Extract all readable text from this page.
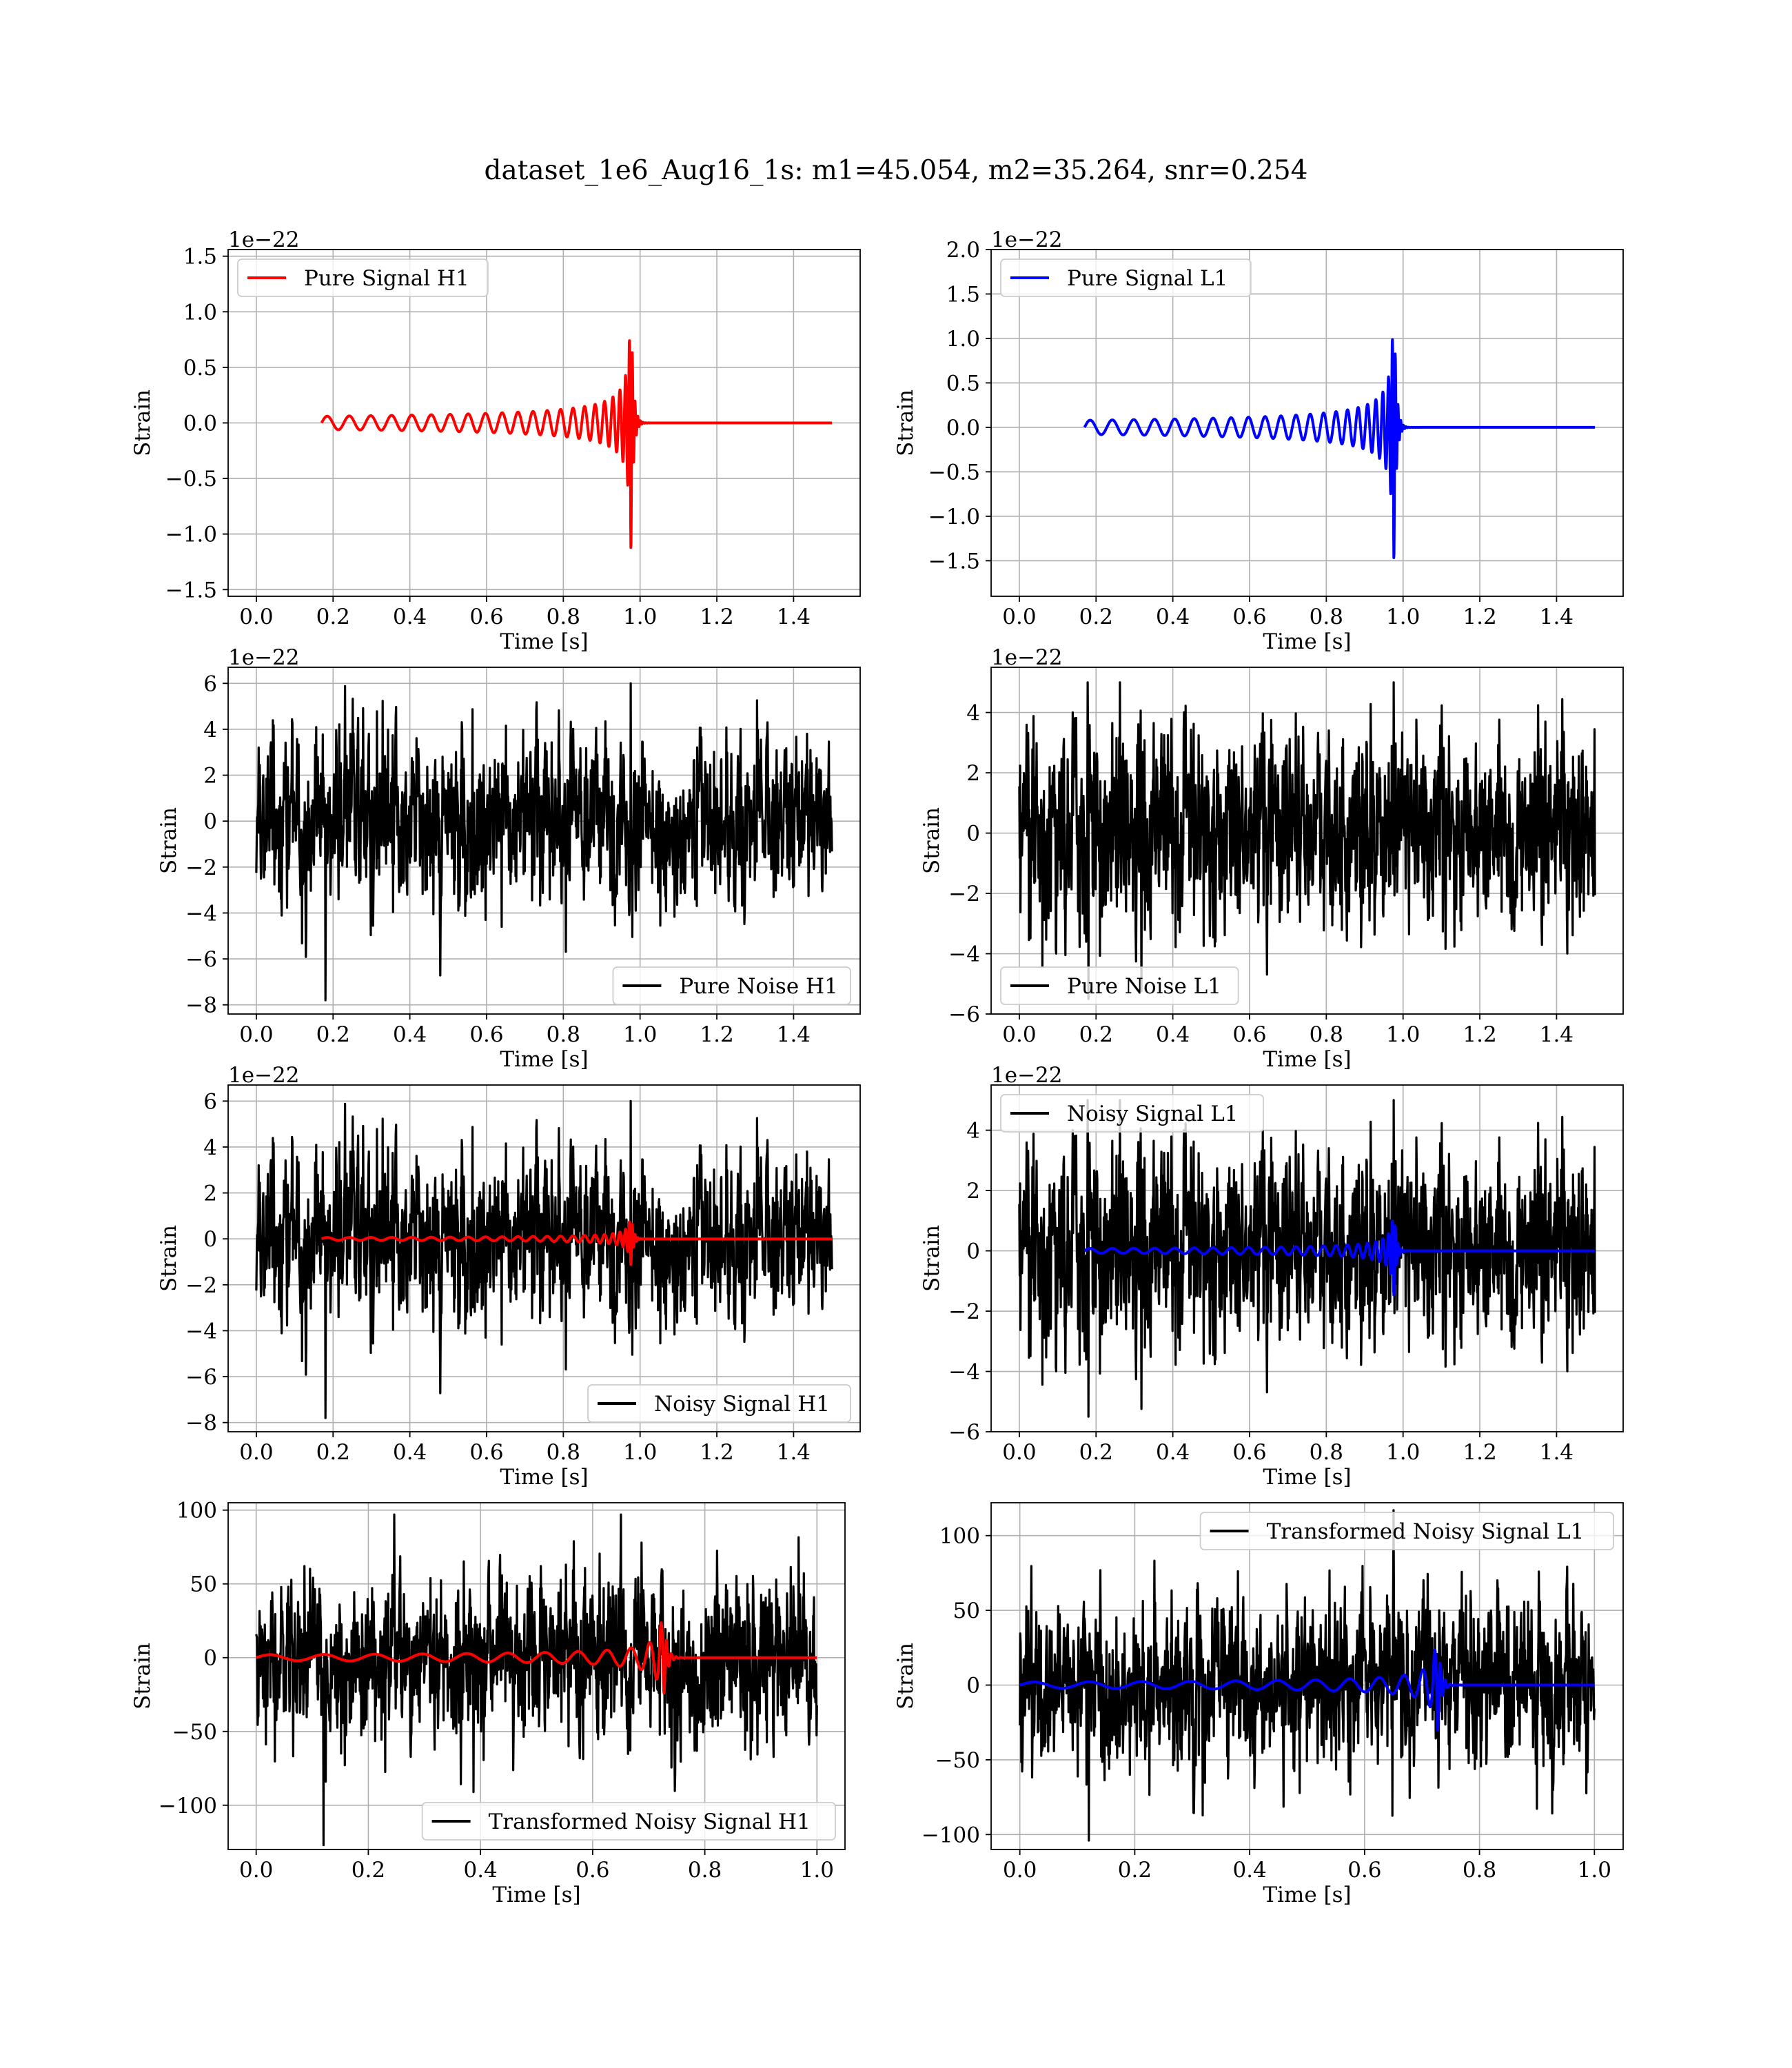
dataset_1e6_Aug16_1s: m1=45.054, m2=35.264, snr=0.254
0.0 0.2 0.4 0.6 0.8 1.0 1.2 1.4
−1.5
−1.0
−0.5
0.0
0.5
1.0
1.5
Time [s]
Strain
1e−22
Pure Signal H1
0.0 0.2 0.4 0.6 0.8 1.0 1.2 1.4
−1.5
−1.0
−0.5
0.0
0.5
1.0
1.5
2.0
Time [s]
Strain
1e−22
Pure Signal L1
0.0 0.2 0.4 0.6 0.8 1.0 1.2 1.4
−8
−6
−4
−2
0
2
4
6
Time [s]
Strain
1e−22
Pure Noise H1
0.0 0.2 0.4 0.6 0.8 1.0 1.2 1.4
−6
−4
−2
0
2
4
Time [s]
Strain
1e−22
Pure Noise L1
0.0 0.2 0.4 0.6 0.8 1.0 1.2 1.4
−8
−6
−4
−2
0
2
4
6
Time [s]
Strain
1e−22
Noisy Signal H1
0.0 0.2 0.4 0.6 0.8 1.0 1.2 1.4
−6
−4
−2
0
2
4
Time [s]
Strain
1e−22
Noisy Signal L1
0.0	0.2	0.4	0.6	0.8	1.0
−100
−50
0
50
100
Time [s]
Strain
Transformed Noisy Signal H1
0.0	0.2	0.4	0.6	0.8	1.0
−100
−50
0
50
100
Time [s]
Strain
Transformed Noisy Signal L1
